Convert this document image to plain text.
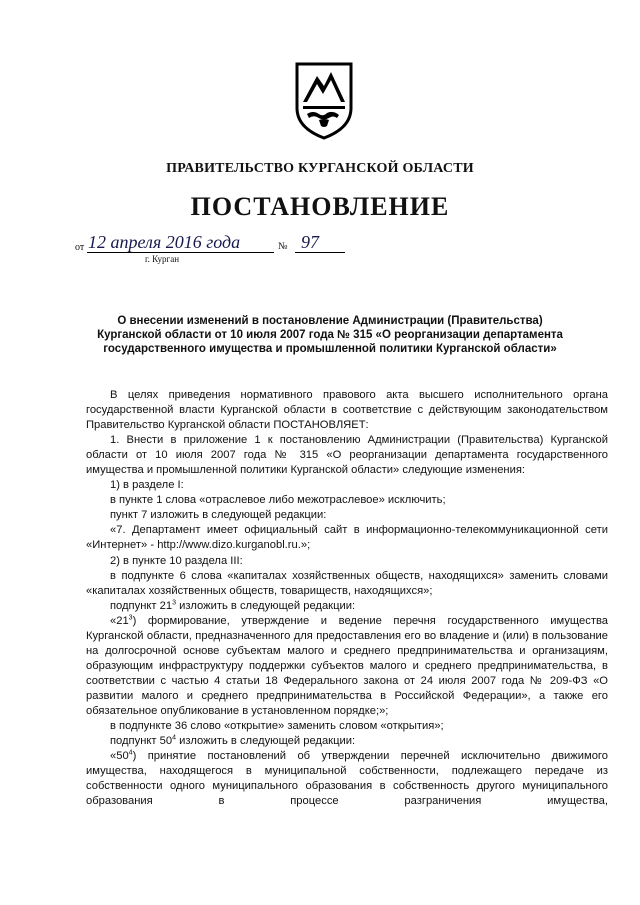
ПРАВИТЕЛЬСТВО КУРГАНСКОЙ ОБЛАСТИ
ПОСТАНОВЛЕНИЕ
от 12 апреля 2016 года	№ 97
г. Курган
О внесении изменений в постановление Администрации (Правительства)
Курганской области от 10 июля 2007 года № 315 «О реорганизации департамента
государственного имущества и промышленной политики Курганской области»

В целях приведения нормативного правового акта высшего исполнительного органа государственной власти Курганской области в соответствие с действующим законодательством Правительство Курганской области ПОСТАНОВЛЯЕТ:

1. Внести в приложение 1 к постановлению Администрации (Правительства) Курганской области от 10 июля 2007 года № 315 «О реорганизации департамента государственного имущества и промышленной политики Курганской области» следующие изменения:

1) в разделе I:

в пункте 1 слова «отраслевое либо межотраслевое» исключить;

пункт 7 изложить в следующей редакции:

«7. Департамент имеет официальный сайт в информационно-телекоммуникационной сети «Интернет» - http://www.dizo.kurganobl.ru.»;

2) в пункте 10 раздела III:

в подпункте 6 слова «капиталах хозяйственных обществ, находящихся» заменить словами «капиталах хозяйственных обществ, товариществ, находящихся»;

подпункт $21^3$ изложить в следующей редакции:

«$21^3$) формирование, утверждение и ведение перечня государственного имущества Курганской области, предназначенного для предоставления его во владение и (или) в пользование на долгосрочной основе субъектам малого и среднего предпринимательства и организациям, образующим инфраструктуру поддержки субъектов малого и среднего предпринимательства, в соответствии с частью 4 статьи 18 Федерального закона от 24 июля 2007 года № 209-ФЗ «О развитии малого и среднего предпринимательства в Российской Федерации», а также его обязательное опубликование в установленном порядке;»;

в подпункте 36 слово «открытие» заменить словом «открытия»;

подпункт $50^4$ изложить в следующей редакции:

«$50^4$) принятие постановлений об утверждении перечней исключительно движимого имущества, находящегося в муниципальной собственности, подлежащего передаче из собственности одного муниципального образования в собственность другого муниципального образования в процессе разграничения имущества,
